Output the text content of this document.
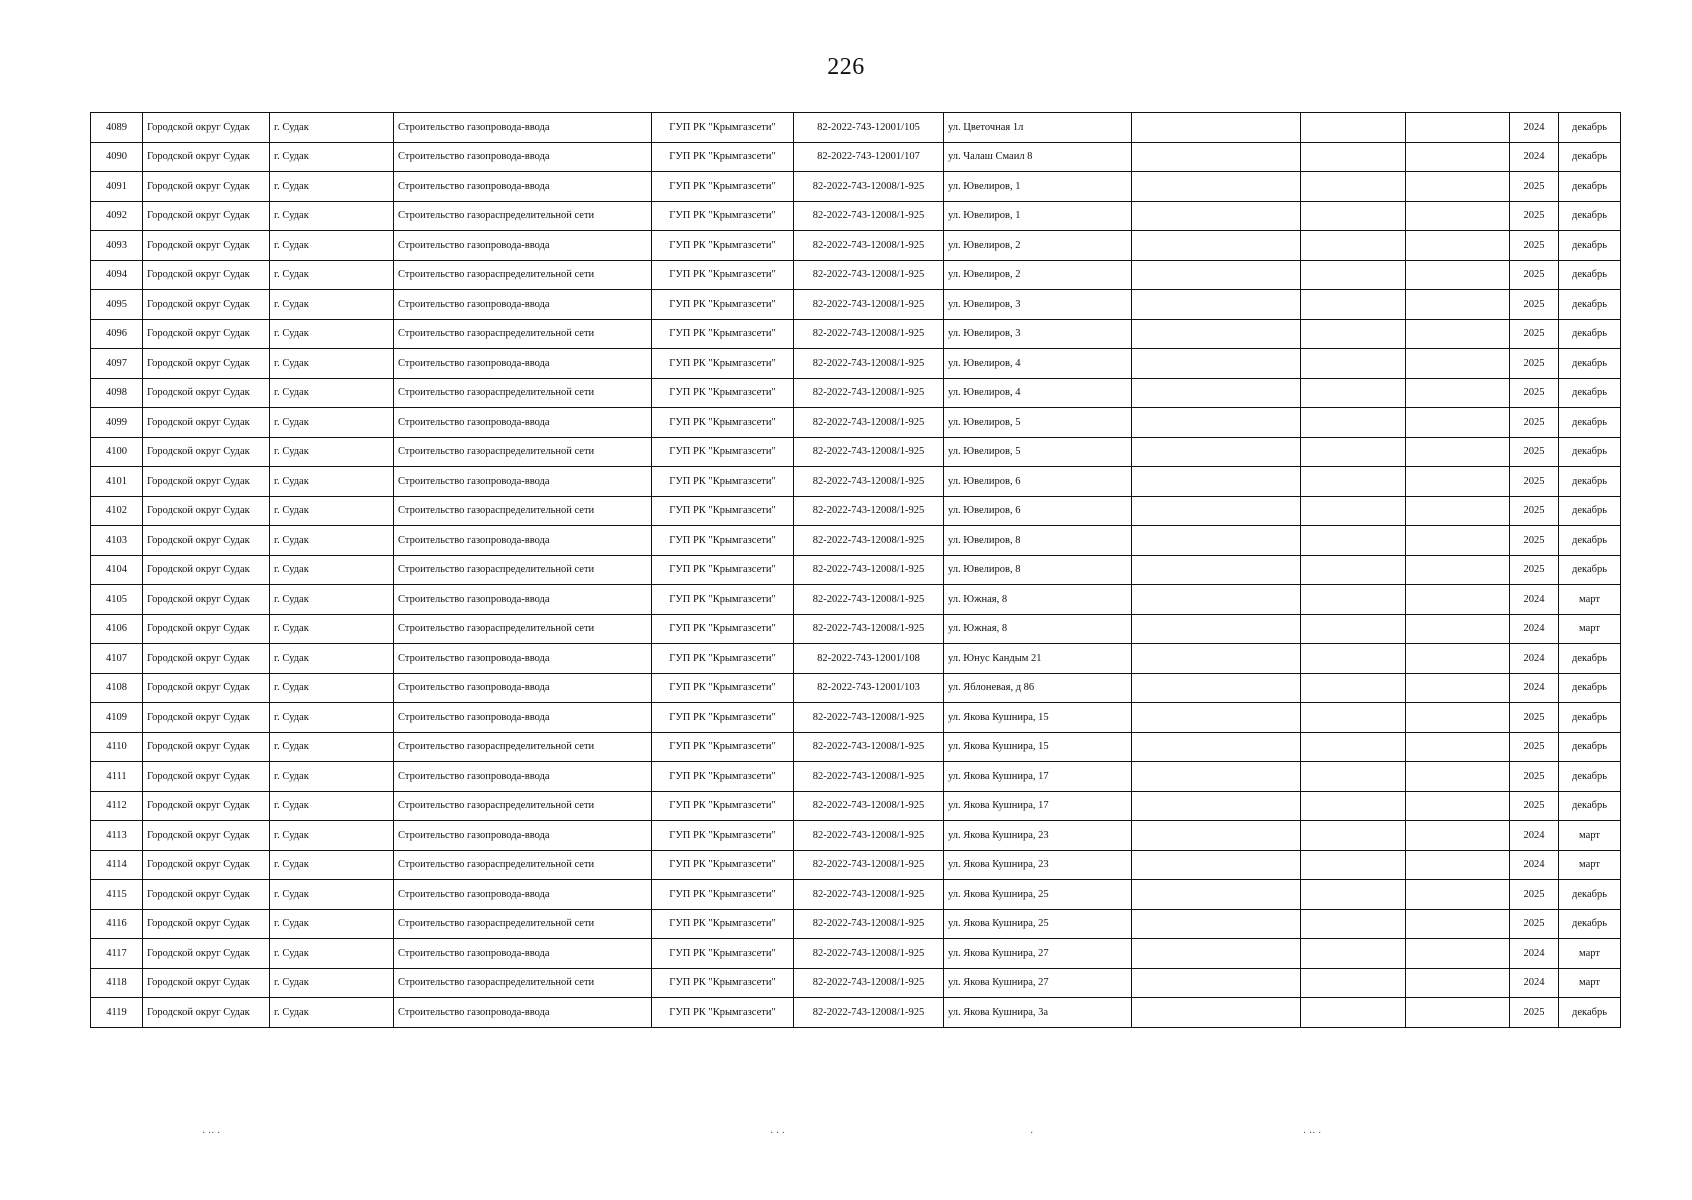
226
4089	Городской округ Судак	г. Судак	Строительство газопровода-ввода	ГУП РК "Крымгазсети"	82-2022-743-12001/105	ул. Цветочная 1л				2024	декабрь
4090	Городской округ Судак	г. Судак	Строительство газопровода-ввода	ГУП РК "Крымгазсети"	82-2022-743-12001/107	ул. Чалаш Смаил 8				2024	декабрь
4091	Городской округ Судак	г. Судак	Строительство газопровода-ввода	ГУП РК "Крымгазсети"	82-2022-743-12008/1-925	ул. Ювелиров, 1				2025	декабрь
4092	Городской округ Судак	г. Судак	Строительство газораспределительной сети	ГУП РК "Крымгазсети"	82-2022-743-12008/1-925	ул. Ювелиров, 1				2025	декабрь
4093	Городской округ Судак	г. Судак	Строительство газопровода-ввода	ГУП РК "Крымгазсети"	82-2022-743-12008/1-925	ул. Ювелиров, 2				2025	декабрь
4094	Городской округ Судак	г. Судак	Строительство газораспределительной сети	ГУП РК "Крымгазсети"	82-2022-743-12008/1-925	ул. Ювелиров, 2				2025	декабрь
4095	Городской округ Судак	г. Судак	Строительство газопровода-ввода	ГУП РК "Крымгазсети"	82-2022-743-12008/1-925	ул. Ювелиров, 3				2025	декабрь
4096	Городской округ Судак	г. Судак	Строительство газораспределительной сети	ГУП РК "Крымгазсети"	82-2022-743-12008/1-925	ул. Ювелиров, 3				2025	декабрь
4097	Городской округ Судак	г. Судак	Строительство газопровода-ввода	ГУП РК "Крымгазсети"	82-2022-743-12008/1-925	ул. Ювелиров, 4				2025	декабрь
4098	Городской округ Судак	г. Судак	Строительство газораспределительной сети	ГУП РК "Крымгазсети"	82-2022-743-12008/1-925	ул. Ювелиров, 4				2025	декабрь
4099	Городской округ Судак	г. Судак	Строительство газопровода-ввода	ГУП РК "Крымгазсети"	82-2022-743-12008/1-925	ул. Ювелиров, 5				2025	декабрь
4100	Городской округ Судак	г. Судак	Строительство газораспределительной сети	ГУП РК "Крымгазсети"	82-2022-743-12008/1-925	ул. Ювелиров, 5				2025	декабрь
4101	Городской округ Судак	г. Судак	Строительство газопровода-ввода	ГУП РК "Крымгазсети"	82-2022-743-12008/1-925	ул. Ювелиров, 6				2025	декабрь
4102	Городской округ Судак	г. Судак	Строительство газораспределительной сети	ГУП РК "Крымгазсети"	82-2022-743-12008/1-925	ул. Ювелиров, 6				2025	декабрь
4103	Городской округ Судак	г. Судак	Строительство газопровода-ввода	ГУП РК "Крымгазсети"	82-2022-743-12008/1-925	ул. Ювелиров, 8				2025	декабрь
4104	Городской округ Судак	г. Судак	Строительство газораспределительной сети	ГУП РК "Крымгазсети"	82-2022-743-12008/1-925	ул. Ювелиров, 8				2025	декабрь
4105	Городской округ Судак	г. Судак	Строительство газопровода-ввода	ГУП РК "Крымгазсети"	82-2022-743-12008/1-925	ул. Южная, 8				2024	март
4106	Городской округ Судак	г. Судак	Строительство газораспределительной сети	ГУП РК "Крымгазсети"	82-2022-743-12008/1-925	ул. Южная, 8				2024	март
4107	Городской округ Судак	г. Судак	Строительство газопровода-ввода	ГУП РК "Крымгазсети"	82-2022-743-12001/108	ул. Юнус Кандым 21				2024	декабрь
4108	Городской округ Судак	г. Судак	Строительство газопровода-ввода	ГУП РК "Крымгазсети"	82-2022-743-12001/103	ул. Яблоневая, д 86				2024	декабрь
4109	Городской округ Судак	г. Судак	Строительство газопровода-ввода	ГУП РК "Крымгазсети"	82-2022-743-12008/1-925	ул. Якова Кушнира, 15				2025	декабрь
4110	Городской округ Судак	г. Судак	Строительство газораспределительной сети	ГУП РК "Крымгазсети"	82-2022-743-12008/1-925	ул. Якова Кушнира, 15				2025	декабрь
4111	Городской округ Судак	г. Судак	Строительство газопровода-ввода	ГУП РК "Крымгазсети"	82-2022-743-12008/1-925	ул. Якова Кушнира, 17				2025	декабрь
4112	Городской округ Судак	г. Судак	Строительство газораспределительной сети	ГУП РК "Крымгазсети"	82-2022-743-12008/1-925	ул. Якова Кушнира, 17				2025	декабрь
4113	Городской округ Судак	г. Судак	Строительство газопровода-ввода	ГУП РК "Крымгазсети"	82-2022-743-12008/1-925	ул. Якова Кушнира, 23				2024	март
4114	Городской округ Судак	г. Судак	Строительство газораспределительной сети	ГУП РК "Крымгазсети"	82-2022-743-12008/1-925	ул. Якова Кушнира, 23				2024	март
4115	Городской округ Судак	г. Судак	Строительство газопровода-ввода	ГУП РК "Крымгазсети"	82-2022-743-12008/1-925	ул. Якова Кушнира, 25				2025	декабрь
4116	Городской округ Судак	г. Судак	Строительство газораспределительной сети	ГУП РК "Крымгазсети"	82-2022-743-12008/1-925	ул. Якова Кушнира, 25				2025	декабрь
4117	Городской округ Судак	г. Судак	Строительство газопровода-ввода	ГУП РК "Крымгазсети"	82-2022-743-12008/1-925	ул. Якова Кушнира, 27				2024	март
4118	Городской округ Судак	г. Судак	Строительство газораспределительной сети	ГУП РК "Крымгазсети"	82-2022-743-12008/1-925	ул. Якова Кушнира, 27				2024	март
4119	Городской округ Судак	г. Судак	Строительство газопровода-ввода	ГУП РК "Крымгазсети"	82-2022-743-12008/1-925	ул. Якова Кушнира, 3а				2025	декабрь
· ·· ·	· · ·	·	· ·· ·
